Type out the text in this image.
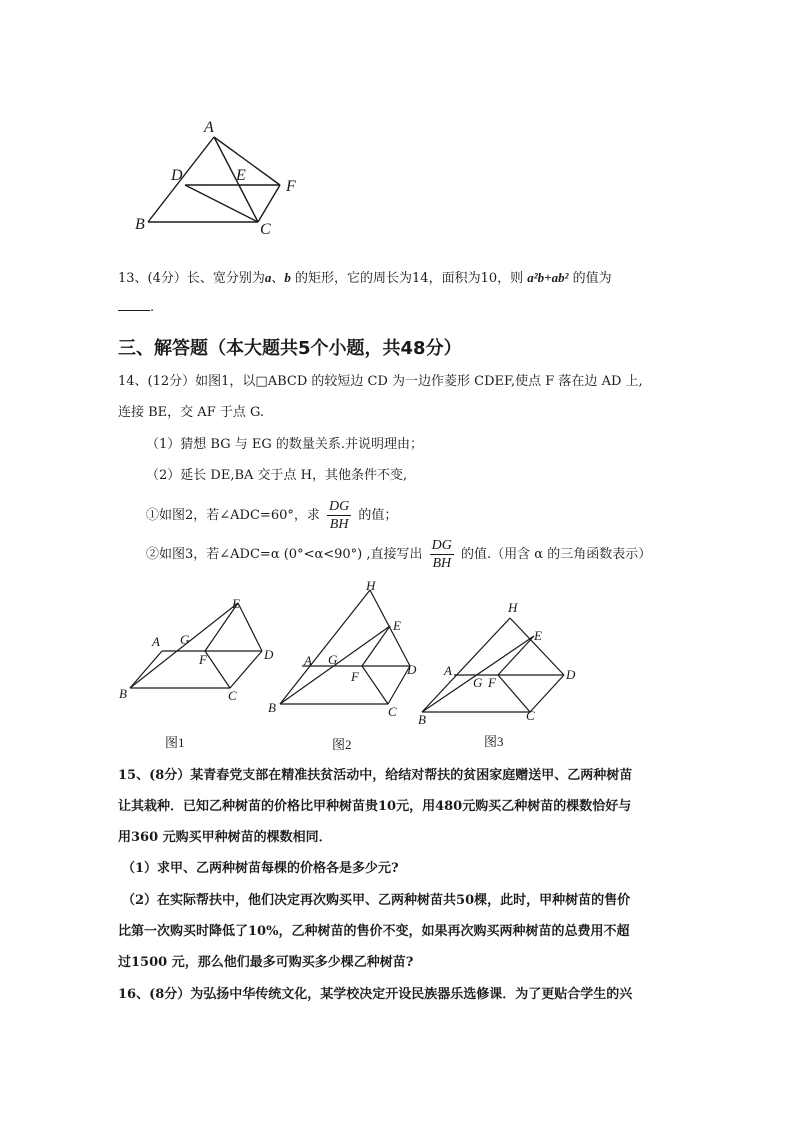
A
D	E
F
B	C
13、(4分）长、宽分别为a、b 的矩形，它的周长为14，面积为10，则 a²b+ab² 的值为
.
三、解答题（本大题共5个小题，共48分）
14、(12分）如图1，以□ABCD 的较短边 CD 为一边作菱形 CDEF,使点 F 落在边 AD 上,
连接 BE，交 AF 于点 G.
（1）猜想 BG 与 EG 的数量关系.并说明理由；
（2）延长 DE,BA 交于点 H，其他条件不变,
①如图2，若∠ADC=60°，求 $\frac{DG}{BH}$ 的值；
②如图3，若∠ADC=α (0°<α<90°) ,直接写出 $\frac{DG}{BH}$ 的值.（用含 α 的三角函数表示）
E
A G
F	D
B	C
图1
H
E
A G
F	D
B	C
图2
H
E
A
G F
D
B	C
图3
15、(8分）某青春党支部在精准扶贫活动中，给结对帮扶的贫困家庭赠送甲、乙两种树苗
让其栽种．已知乙种树苗的价格比甲种树苗贵10元，用480元购买乙种树苗的棵数恰好与
用360 元购买甲种树苗的棵数相同．
（1）求甲、乙两种树苗每棵的价格各是多少元?
（2）在实际帮扶中，他们决定再次购买甲、乙两种树苗共50棵，此时，甲种树苗的售价
比第一次购买时降低了10%，乙种树苗的售价不变，如果再次购买两种树苗的总费用不超
过1500 元，那么他们最多可购买多少棵乙种树苗?
16、(8分）为弘扬中华传统文化，某学校决定开设民族器乐选修课．为了更贴合学生的兴
